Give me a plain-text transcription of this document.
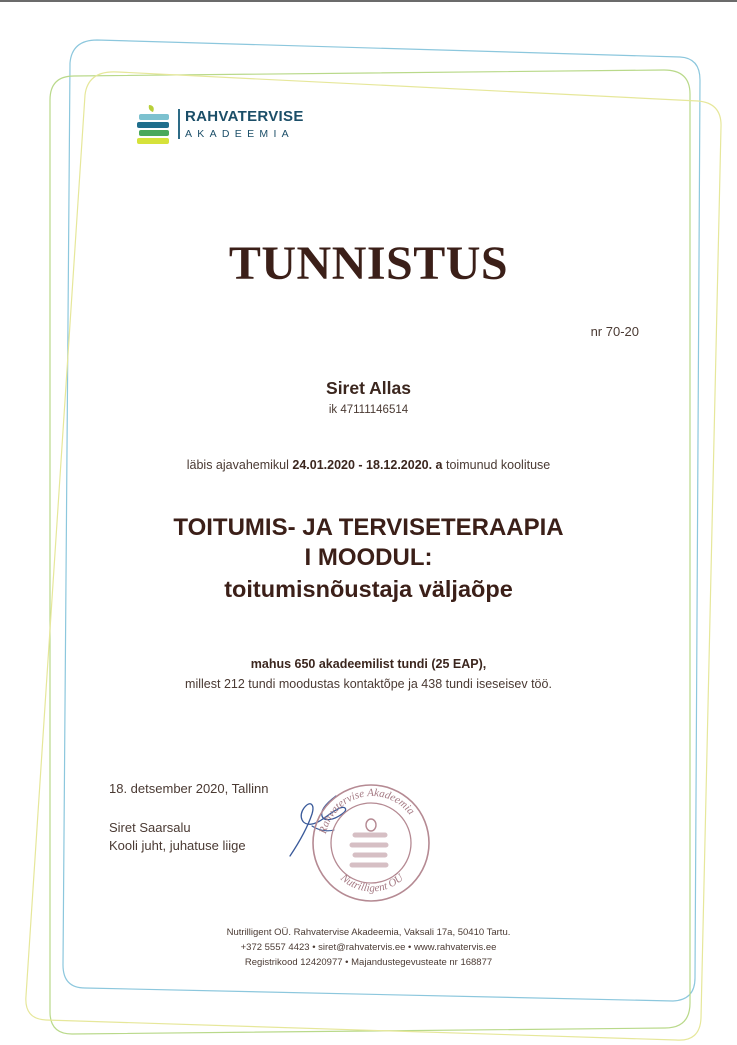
RAHVATERVISE
AKADEEMIA
TUNNISTUS
nr 70-20
Siret Allas
ik 47111146514
läbis ajavahemikul 24.01.2020 - 18.12.2020. a toimunud koolituse
TOITUMIS- JA TERVISETERAAPIA
I MOODUL:
toitumisnõustaja väljaõpe
mahus 650 akadeemilist tundi (25 EAP),
millest 212 tundi moodustas kontaktõpe ja 438 tundi iseseisev töö.
18. detsember 2020, Tallinn
Siret Saarsalu
Kooli juht, juhatuse liige
Rahvatervise Akadeemia
Nutrilligent OÜ
Nutrilligent OÜ. Rahvatervise Akadeemia, Vaksali 17a, 50410 Tartu.
+372 5557 4423 • siret@rahvatervis.ee • www.rahvatervis.ee
Registrikood 12420977 • Majandustegevusteate nr 168877
